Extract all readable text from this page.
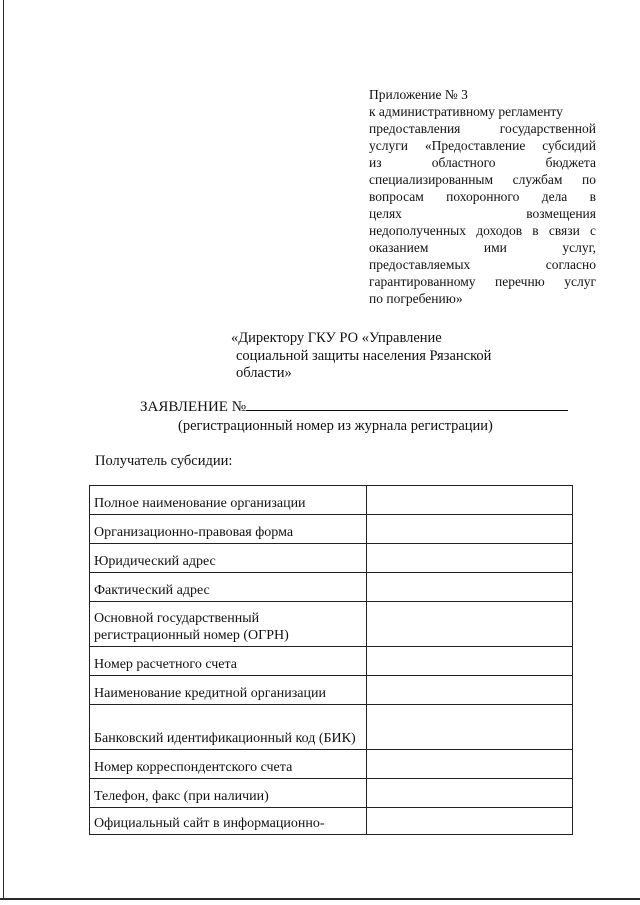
Приложение № 3
к административному регламенту
предоставления государственной
услуги «Предоставление субсидий
из областного бюджета
специализированным службам по
вопросам похоронного дела в
целях возмещения
недополученных доходов в связи с
оказанием ими услуг,
предоставляемых согласно
гарантированному перечню услуг
по погребению»
«Директору ГКУ РО «Управление
социальной защиты населения Рязанской
области»
ЗАЯВЛЕНИЕ №
(регистрационный номер из журнала регистрации)
Получатель субсидии:
Полное наименование организации	
Организационно-правовая форма	
Юридический адрес	
Фактический адрес	
Основной государственный регистрационный номер (ОГРН)	
Номер расчетного счета	
Наименование кредитной организации	
Банковский идентификационный код (БИК)	
Номер корреспондентского счета	
Телефон, факс (при наличии)	
Официальный сайт в информационно-	
